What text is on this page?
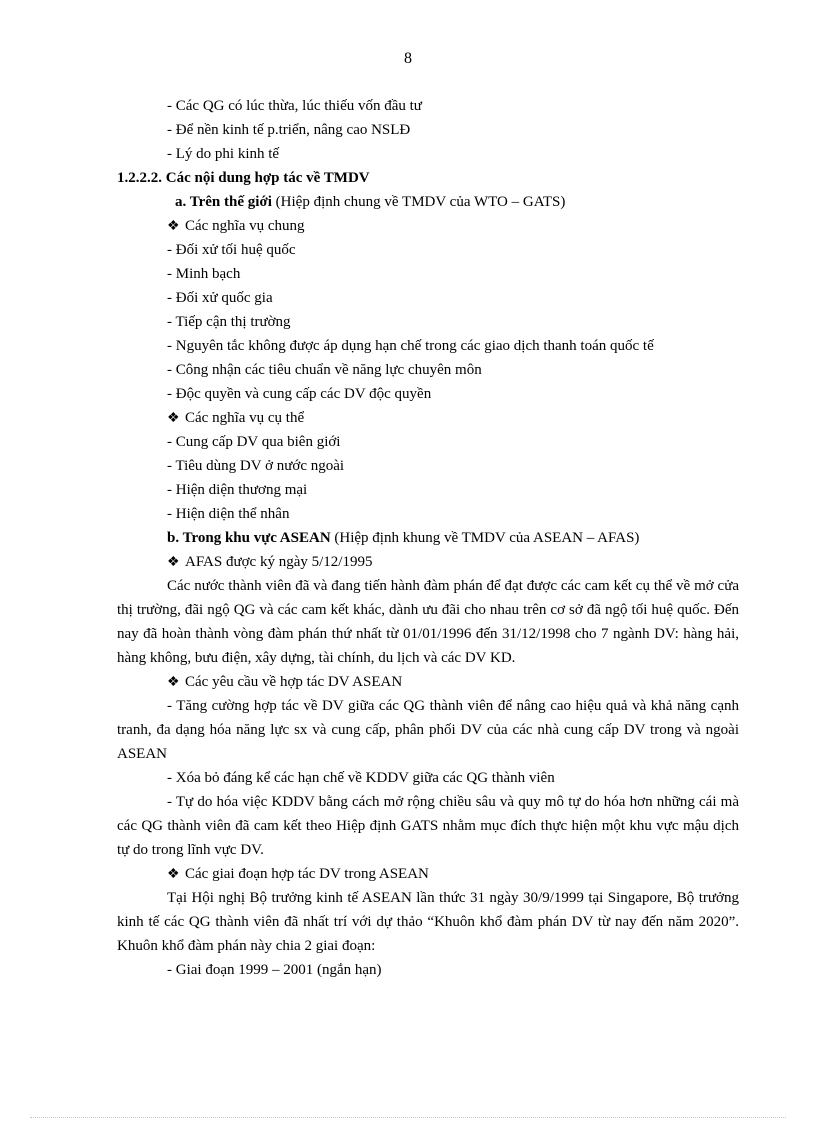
8
- Các QG có lúc thừa, lúc thiếu vốn đầu tư
- Để nền kinh tế p.triển, nâng cao NSLĐ
- Lý do phi kinh tế
1.2.2.2. Các nội dung hợp tác về TMDV
a. Trên thế giới (Hiệp định chung về TMDV của WTO – GATS)
❖ Các nghĩa vụ chung
- Đối xử tối huệ quốc
- Minh bạch
- Đối xử quốc gia
- Tiếp cận thị trường
- Nguyên tắc không được áp dụng hạn chế trong các giao dịch thanh toán quốc tế
- Công nhận các tiêu chuẩn về năng lực chuyên môn
- Độc quyền và cung cấp các DV độc quyền
❖ Các nghĩa vụ cụ thể
- Cung cấp DV qua biên giới
- Tiêu dùng DV ở nước ngoài
- Hiện diện thương mại
- Hiện diện thể nhân
b. Trong khu vực ASEAN (Hiệp định khung về TMDV của ASEAN – AFAS)
❖ AFAS được ký ngày 5/12/1995

Các nước thành viên đã và đang tiến hành đàm phán để đạt được các cam kết cụ thể về mở cửa thị trường, đãi ngộ QG và các cam kết khác, dành ưu đãi cho nhau trên cơ sở đã ngộ tối huệ quốc. Đến nay đã hoàn thành vòng đàm phán thứ nhất từ 01/01/1996 đến 31/12/1998 cho 7 ngành DV: hàng hải, hàng không, bưu điện, xây dựng, tài chính, du lịch và các DV KD.

❖ Các yêu cầu về hợp tác DV ASEAN

- Tăng cường hợp tác về DV giữa các QG thành viên để nâng cao hiệu quả và khả năng cạnh tranh, đa dạng hóa năng lực sx và cung cấp, phân phối DV của các nhà cung cấp DV trong và ngoài ASEAN

- Xóa bỏ đáng kể các hạn chế về KDDV giữa các QG thành viên

- Tự do hóa việc KDDV bằng cách mở rộng chiều sâu và quy mô tự do hóa hơn những cái mà các QG thành viên đã cam kết theo Hiệp định GATS nhằm mục đích thực hiện một khu vực mậu dịch tự do trong lĩnh vực DV.

❖ Các giai đoạn hợp tác DV trong ASEAN

Tại Hội nghị Bộ trưởng kinh tế ASEAN lần thức 31 ngày 30/9/1999 tại Singapore, Bộ trưởng kinh tế các QG thành viên đã nhất trí với dự thảo “Khuôn khổ đàm phán DV từ nay đến năm 2020”. Khuôn khổ đàm phán này chia 2 giai đoạn:

- Giai đoạn 1999 – 2001 (ngắn hạn)
